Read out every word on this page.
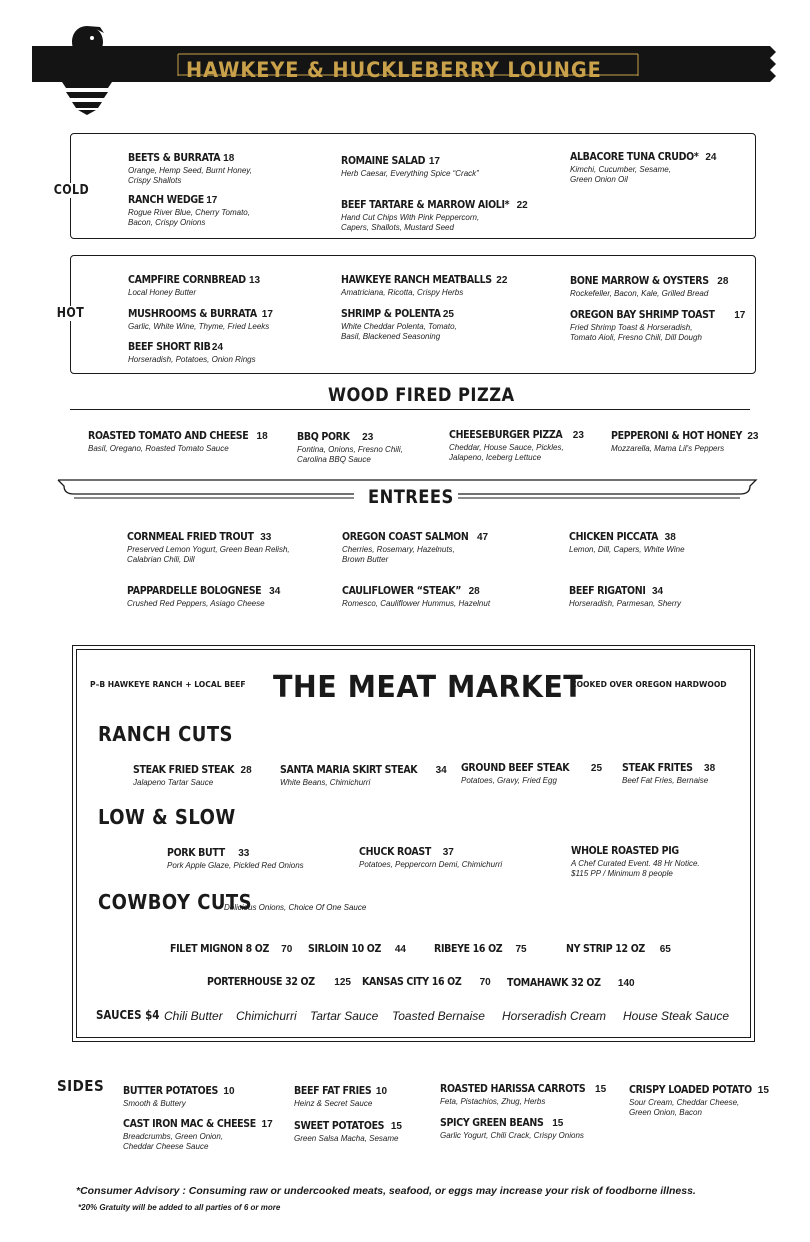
HAWKEYE & HUCKLEBERRY LOUNGE
COLD
BEETS & BURRATA 18
Orange, Hemp Seed, Burnt Honey,
Crispy Shallots
RANCH WEDGE 17
Rogue River Blue, Cherry Tomato,
Bacon, Crispy Onions
ROMAINE SALAD 17
Herb Caesar, Everything Spice “Crack”
BEEF TARTARE & MARROW AIOLI* 22
Hand Cut Chips With Pink Peppercorn,
Capers, Shallots, Mustard Seed
ALBACORE TUNA CRUDO* 24
Kimchi, Cucumber, Sesame,
Green Onion Oil
HOT
CAMPFIRE CORNBREAD 13
Local Honey Butter
MUSHROOMS & BURRATA 17
Garlic, White Wine, Thyme, Fried Leeks
BEEF SHORT RIB24
Horseradish, Potatoes, Onion Rings
HAWKEYE RANCH MEATBALLS 22
Amatriciana, Ricotta, Crispy Herbs
SHRIMP & POLENTA 25
White Cheddar Polenta, Tomato,
Basil, Blackened Seasoning
BONE MARROW & OYSTERS 28
Rockefeller, Bacon, Kale, Grilled Bread
OREGON BAY SHRIMP TOAST 17
Fried Shrimp Toast & Horseradish,
Tomato Aioli, Fresno Chili, Dill Dough
WOOD FIRED PIZZA
ROASTED TOMATO AND CHEESE 18
Basil, Oregano, Roasted Tomato Sauce
BBQ PORK 23
Fontina, Onions, Fresno Chili,
Carolina BBQ Sauce
CHEESEBURGER PIZZA 23
Cheddar, House Sauce, Pickles,
Jalapeno, Iceberg Lettuce
PEPPERONI & HOT HONEY 23
Mozzarella, Mama Lil's Peppers
ENTREES
CORNMEAL FRIED TROUT 33
Preserved Lemon Yogurt, Green Bean Relish,
Calabrian Chili, Dill
OREGON COAST SALMON 47
Cherries, Rosemary, Hazelnuts,
Brown Butter
CHICKEN PICCATA 38
Lemon, Dill, Capers, White Wine
PAPPARDELLE BOLOGNESE 34
Crushed Red Peppers, Asiago Cheese
CAULIFLOWER “STEAK” 28
Romesco, Cauliflower Hummus, Hazelnut
BEEF RIGATONI 34
Horseradish, Parmesan, Sherry
P–B HAWKEYE RANCH + LOCAL BEEF THE MEAT MARKET
COOKED OVER OREGON HARDWOOD
RANCH CUTS
STEAK FRIED STEAK 28
Jalapeno Tartar Sauce
SANTA MARIA SKIRT STEAK 34
White Beans, Chimichurri
GROUND BEEF STEAK 25
Potatoes, Gravy, Fried Egg
STEAK FRITES 38
Beef Fat Fries, Bernaise
LOW & SLOW
PORK BUTT 33
Pork Apple Glaze, Pickled Red Onions
CHUCK ROAST 37
Potatoes, Peppercorn Demi, Chimichurri
WHOLE ROASTED PIG
A Chef Curated Event. 48 Hr Notice.
$115 PP / Minimum 8 people
COWBOY CUTS
Delicious Onions, Choice Of One Sauce
FILET MIGNON 8 OZ 70 SIRLOIN 10 OZ 44	RIBEYE 16 OZ 75	NY STRIP 12 OZ 65
PORTERHOUSE 32 OZ 125 KANSAS CITY 16 OZ 70 TOMAHAWK 32 OZ 140
SAUCES $4 Chili Butter Chimichurri Tartar Sauce Toasted Bernaise Horseradish Cream House Steak Sauce
SIDES BUTTER POTATOES 10
Smooth & Buttery
CAST IRON MAC & CHEESE 17
Breadcrumbs, Green Onion,
Cheddar Cheese Sauce
BEEF FAT FRIES 10
Heinz & Secret Sauce
SWEET POTATOES 15
Green Salsa Macha, Sesame
ROASTED HARISSA CARROTS 15
Feta, Pistachios, Zhug, Herbs
SPICY GREEN BEANS 15
Garlic Yogurt, Chili Crack, Crispy Onions
CRISPY LOADED POTATO 15
Sour Cream, Cheddar Cheese,
Green Onion, Bacon
*Consumer Advisory : Consuming raw or undercooked meats, seafood, or eggs may increase your risk of foodborne illness.
*20% Gratuity will be added to all parties of 6 or more
